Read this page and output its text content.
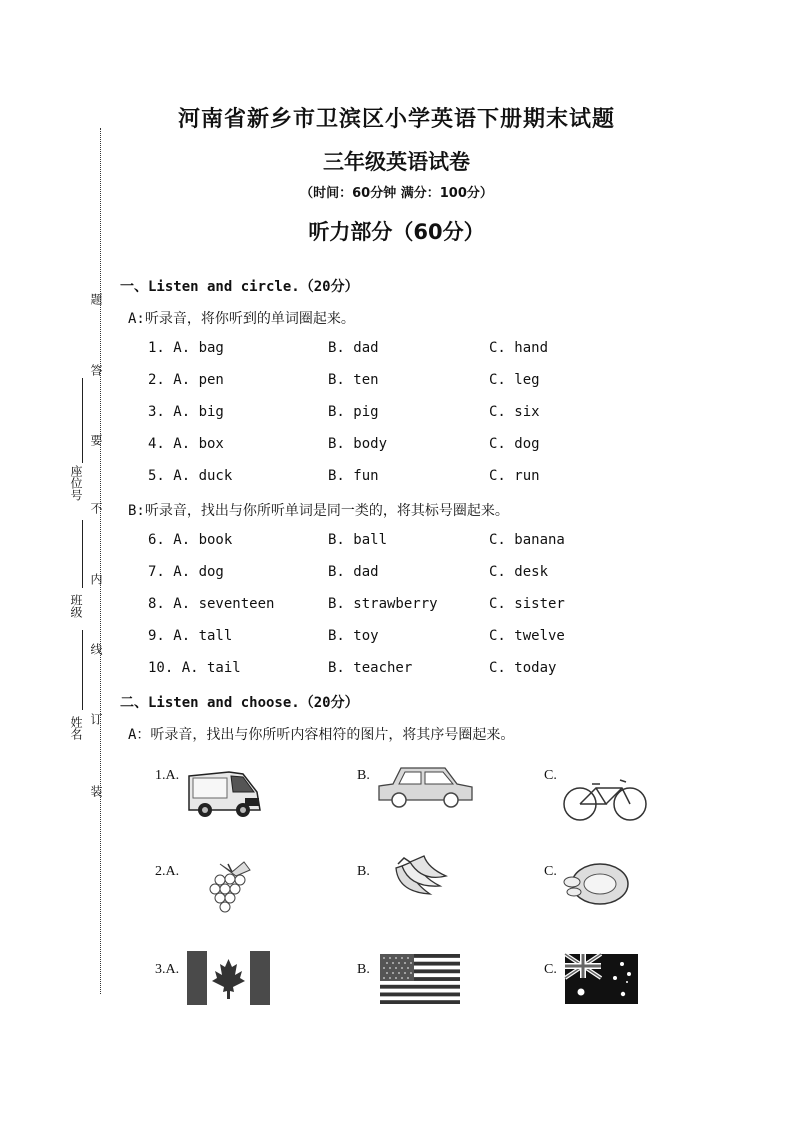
题
答
要
不
内
线
订
装
座位号
班级
姓名
河南省新乡市卫滨区小学英语下册期末试题
三年级英语试卷
（时间：60分钟 满分：100分）
听力部分（60分）
一、Listen and circle.（20分）
A:听录音，将你听到的单词圈起来。
1. A. bag	B. dad	C. hand
2. A. pen	B. ten	C. leg
3. A. big	B. pig	C. six
4. A. box	B. body	C. dog
5. A. duck	B. fun	C. run
6. A. book	B. ball	C. banana
7. A. dog	B. dad	C. desk
8. A. seventeen	B. strawberry	C. sister
9. A. tall	B. toy	C. twelve
10. A. tail	B. teacher	C. today
B:听录音，找出与你所听单词是同一类的，将其标号圈起来。
二、Listen and choose.（20分）
A：听录音，找出与你所听内容相符的图片，将其序号圈起来。
1.A.	B.	C.
2.A.	B.	C.
3.A.	B.	C.
